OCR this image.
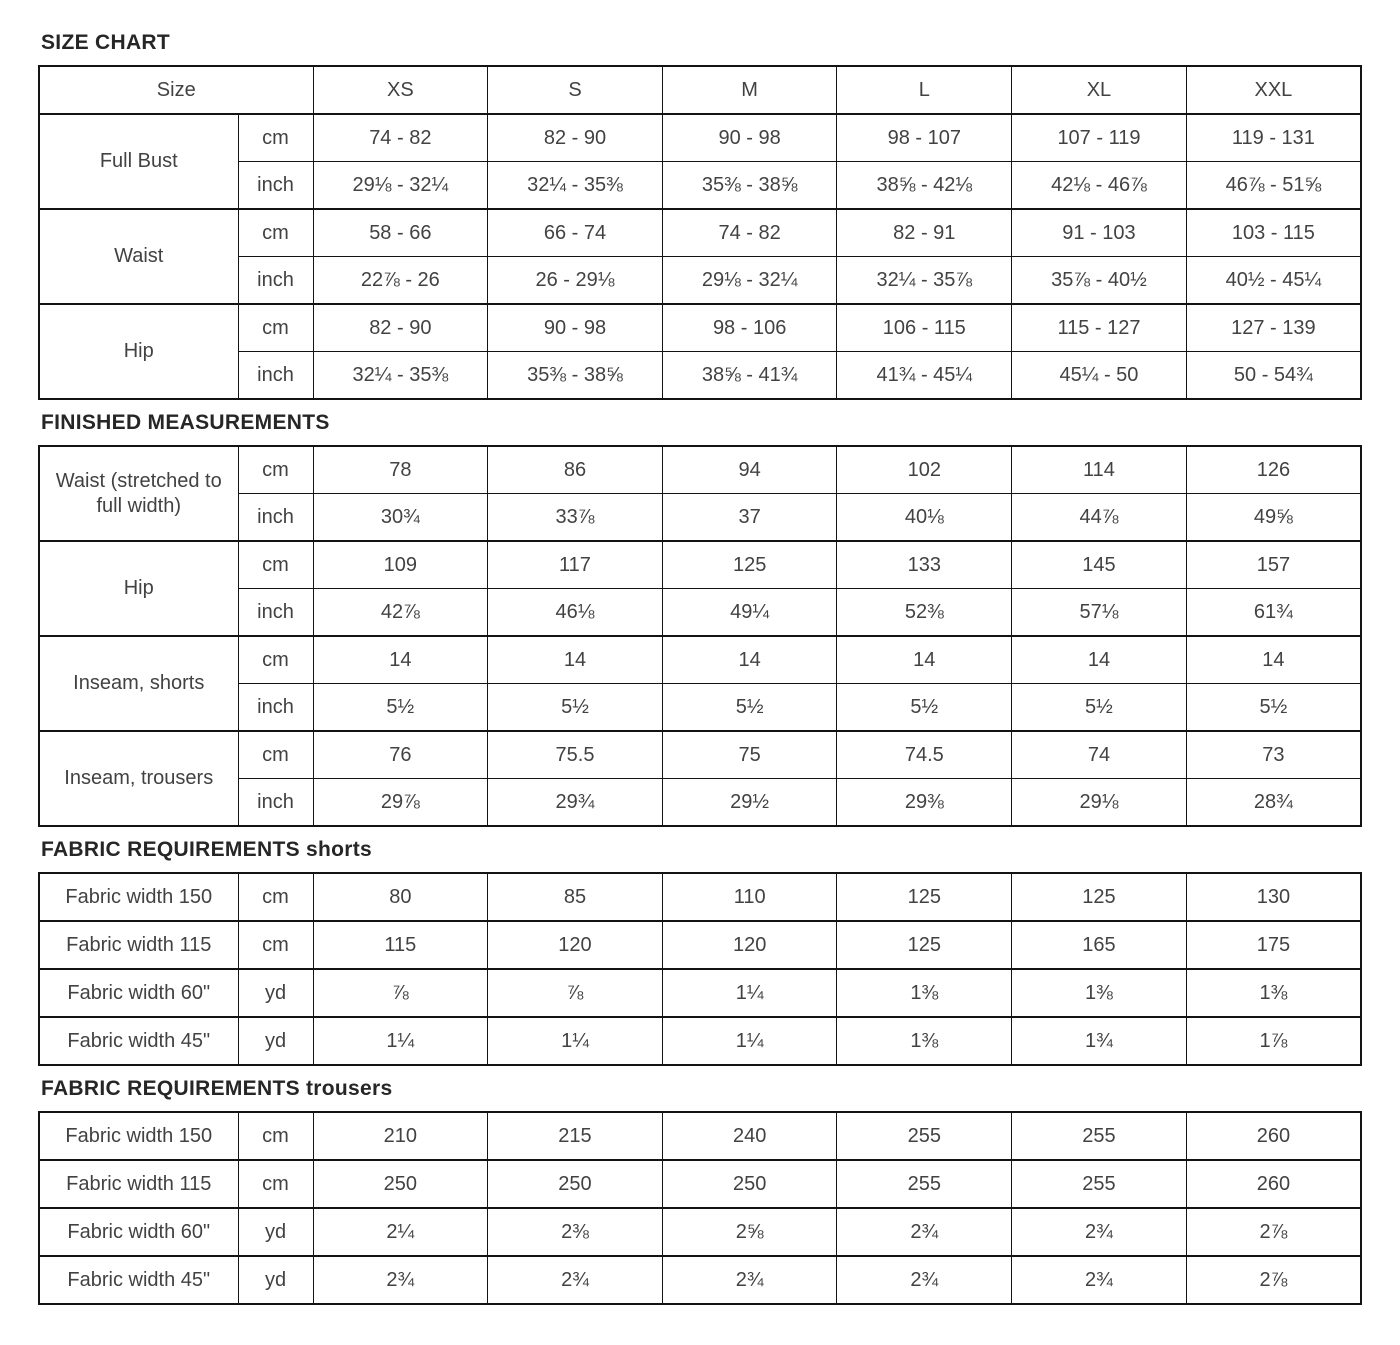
SIZE CHART
Size		XS	S	M	L	XL	XXL
Full Bust	cm	74 - 82	82 - 90	90 - 98	98 - 107	107 - 119	119 - 131
	inch	29⅛ - 32¼	32¼ - 35⅜	35⅜ - 38⅝	38⅝ - 42⅛	42⅛ - 46⅞	46⅞ - 51⅝
Waist	cm	58 - 66	66 - 74	74 - 82	82 - 91	91 - 103	103 - 115
	inch	22⅞ - 26	26 - 29⅛	29⅛ - 32¼	32¼ - 35⅞	35⅞ - 40½	40½ - 45¼
Hip	cm	82 - 90	90 - 98	98 - 106	106 - 115	115 - 127	127 - 139
	inch	32¼ - 35⅜	35⅜ - 38⅝	38⅝ - 41¾	41¾ - 45¼	45¼ - 50	50 - 54¾
FINISHED MEASUREMENTS
Waist (stretched to full width)	cm	78	86	94	102	114	126
	inch	30¾	33⅞	37	40⅛	44⅞	49⅝
Hip	cm	109	117	125	133	145	157
	inch	42⅞	46⅛	49¼	52⅜	57⅛	61¾
Inseam, shorts	cm	14	14	14	14	14	14
	inch	5½	5½	5½	5½	5½	5½
Inseam, trousers	cm	76	75.5	75	74.5	74	73
	inch	29⅞	29¾	29½	29⅜	29⅛	28¾
FABRIC REQUIREMENTS shorts
Fabric width 150	cm	80	85	110	125	125	130
Fabric width 115	cm	115	120	120	125	165	175
Fabric width 60"	yd	⅞	⅞	1¼	1⅜	1⅜	1⅜
Fabric width 45"	yd	1¼	1¼	1¼	1⅜	1¾	1⅞
FABRIC REQUIREMENTS trousers
Fabric width 150	cm	210	215	240	255	255	260
Fabric width 115	cm	250	250	250	255	255	260
Fabric width 60"	yd	2¼	2⅜	2⅝	2¾	2¾	2⅞
Fabric width 45"	yd	2¾	2¾	2¾	2¾	2¾	2⅞
